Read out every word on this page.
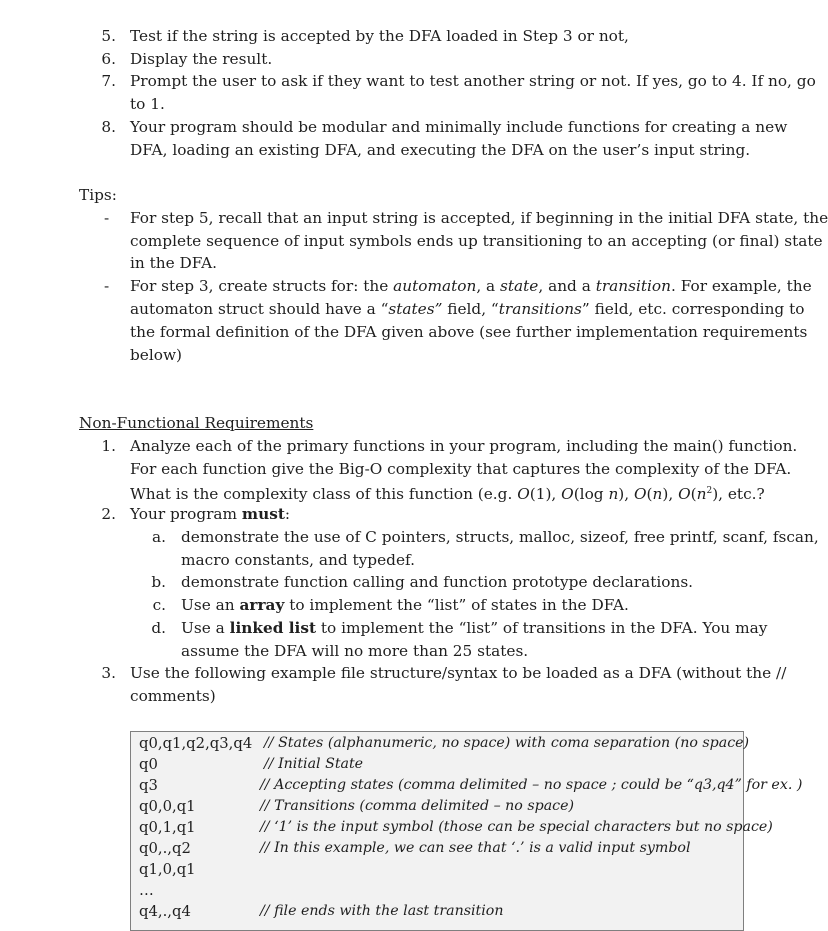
5. Test if the string is accepted by the DFA loaded in Step 3 or not,
6. Display the result.
7. Prompt the user to ask if they want to test another string or not. If yes, go to 4. If no, go
to 1.
8. Your program should be modular and minimally include functions for creating a new
DFA, loading an existing DFA, and executing the DFA on the user’s input string.
Tips:
- For step 5, recall that an input string is accepted, if beginning in the initial DFA state, the
complete sequence of input symbols ends up transitioning to an accepting (or final) state
in the DFA.
- For step 3, create structs for: the automaton, a state, and a transition. For example, the
automaton struct should have a “states” field, “transitions” field, etc. corresponding to
the formal definition of the DFA given above (see further implementation requirements
below)
Non-Functional Requirements
1. Analyze each of the primary functions in your program, including the main() function.
For each function give the Big-O complexity that captures the complexity of the DFA.
What is the complexity class of this function (e.g. O(1), O(log n), O(n), $O(n^2)$, etc.?
2. Your program must:
a. demonstrate the use of C pointers, structs, malloc, sizeof, free printf, scanf, fscan,
macro constants, and typedef.
b. demonstrate function calling and function prototype declarations.
c. Use an array to implement the “list” of states in the DFA.
d. Use a linked list to implement the “list” of transitions in the DFA. You may
assume the DFA will no more than 25 states.
3. Use the following example file structure/syntax to be loaded as a DFA (without the //
comments)
q0,q1,q2,q3,q4 // States (alphanumeric, no space) with coma separation (no space)
q0	// Initial State
q3	// Accepting states (comma delimited – no space ; could be “q3,q4” for ex. )
q0,0,q1	// Transitions (comma delimited – no space)
q0,1,q1	// ‘1’ is the input symbol (those can be special characters but no space)
q0,.,q2	// In this example, we can see that ‘.’ is a valid input symbol
q1,0,q1
…
q4,.,q4	// file ends with the last transition
